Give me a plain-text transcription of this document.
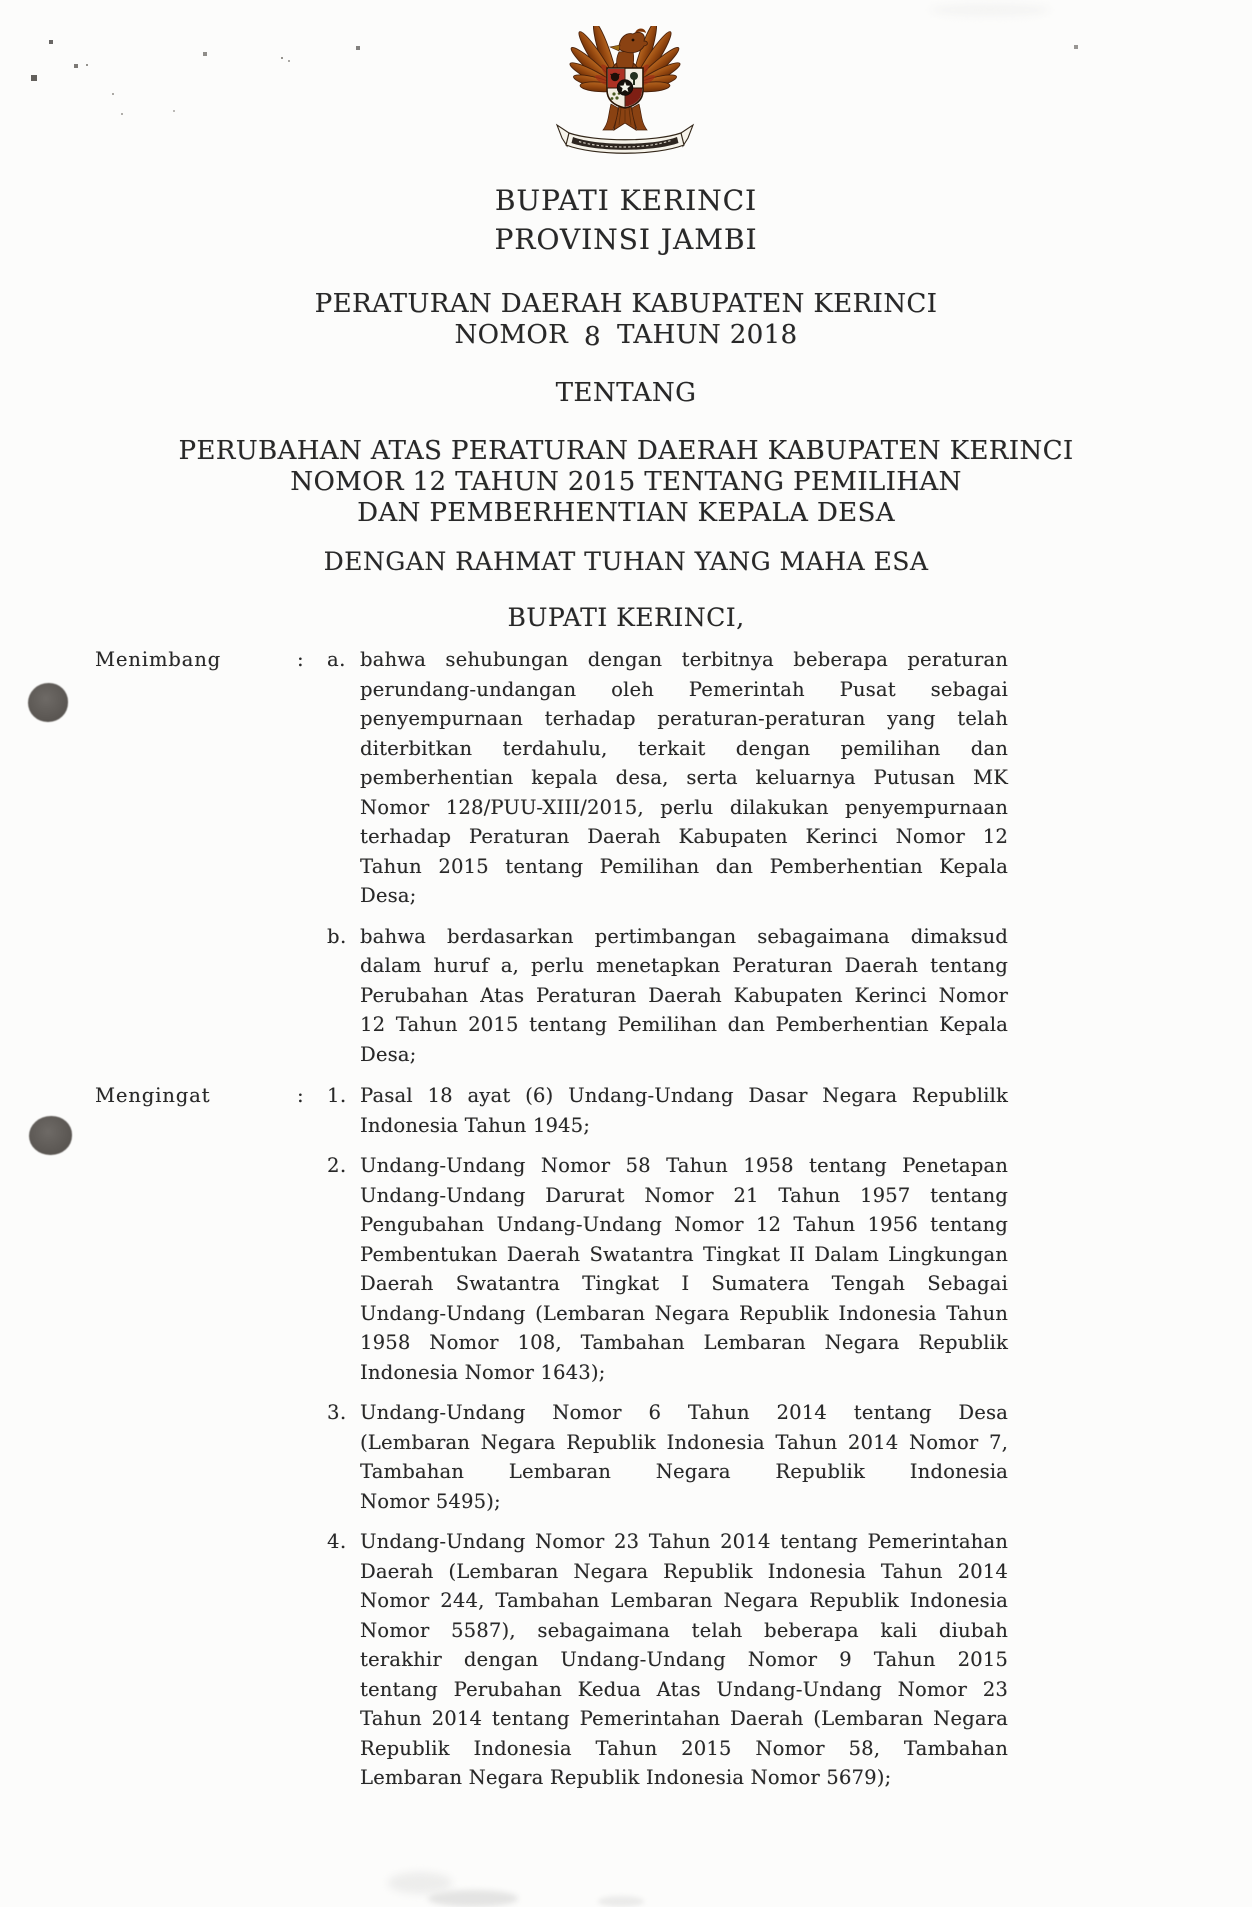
BUPATI KERINCI
PROVINSI JAMBI
PERATURAN DAERAH KABUPATEN KERINCI
NOMOR 8 TAHUN 2018
TENTANG
PERUBAHAN ATAS PERATURAN DAERAH KABUPATEN KERINCI
NOMOR 12 TAHUN 2015 TENTANG PEMILIHAN
DAN PEMBERHENTIAN KEPALA DESA
DENGAN RAHMAT TUHAN YANG MAHA ESA
BUPATI KERINCI,
Menimbang	:	a. bahwa sehubungan dengan terbitnya beberapa peraturan
perundang-undangan oleh Pemerintah Pusat sebagai
penyempurnaan terhadap peraturan-peraturan yang telah
diterbitkan terdahulu, terkait dengan pemilihan dan
pemberhentian kepala desa, serta keluarnya Putusan MK
Nomor 128/PUU-XIII/2015, perlu dilakukan penyempurnaan
terhadap Peraturan Daerah Kabupaten Kerinci Nomor 12
Tahun 2015 tentang Pemilihan dan Pemberhentian Kepala
Desa;
b. bahwa berdasarkan pertimbangan sebagaimana dimaksud
dalam huruf a, perlu menetapkan Peraturan Daerah tentang
Perubahan Atas Peraturan Daerah Kabupaten Kerinci Nomor
12 Tahun 2015 tentang Pemilihan dan Pemberhentian Kepala
Desa;
Mengingat	:	1. Pasal 18 ayat (6) Undang-Undang Dasar Negara Republilk
Indonesia Tahun 1945;
2. Undang-Undang Nomor 58 Tahun 1958 tentang Penetapan
Undang-Undang Darurat Nomor 21 Tahun 1957 tentang
Pengubahan Undang-Undang Nomor 12 Tahun 1956 tentang
Pembentukan Daerah Swatantra Tingkat II Dalam Lingkungan
Daerah Swatantra Tingkat I Sumatera Tengah Sebagai
Undang-Undang (Lembaran Negara Republik Indonesia Tahun
1958 Nomor 108, Tambahan Lembaran Negara Republik
Indonesia Nomor 1643);
3. Undang-Undang Nomor 6 Tahun 2014 tentang Desa
(Lembaran Negara Republik Indonesia Tahun 2014 Nomor 7,
Tambahan Lembaran Negara Republik Indonesia
Nomor 5495);
4. Undang-Undang Nomor 23 Tahun 2014 tentang Pemerintahan
Daerah (Lembaran Negara Republik Indonesia Tahun 2014
Nomor 244, Tambahan Lembaran Negara Republik Indonesia
Nomor 5587), sebagaimana telah beberapa kali diubah
terakhir dengan Undang-Undang Nomor 9 Tahun 2015
tentang Perubahan Kedua Atas Undang-Undang Nomor 23
Tahun 2014 tentang Pemerintahan Daerah (Lembaran Negara
Republik Indonesia Tahun 2015 Nomor 58, Tambahan
Lembaran Negara Republik Indonesia Nomor 5679);
